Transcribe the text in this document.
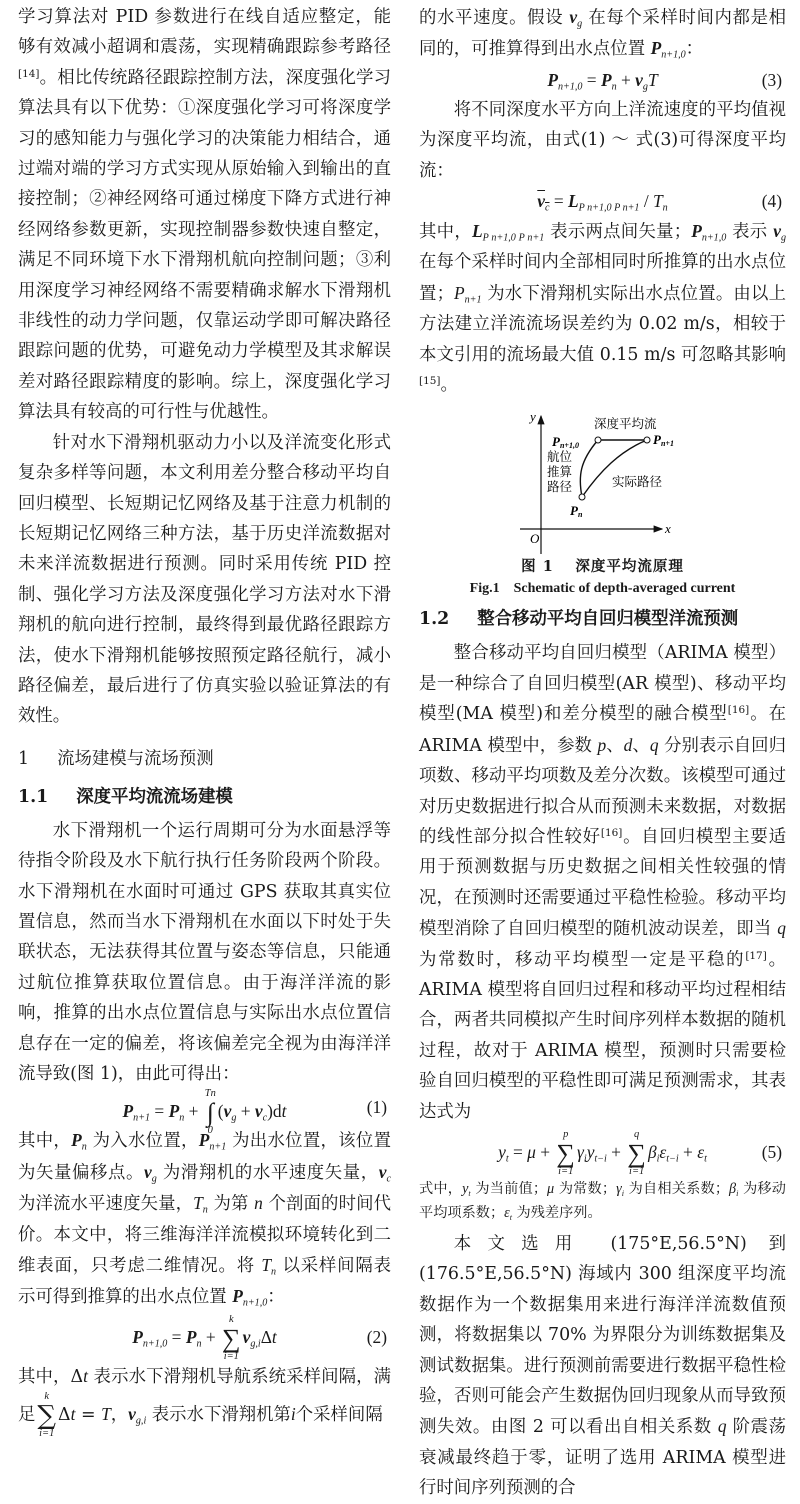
学习算法对 PID 参数进行在线自适应整定，能够有效减小超调和震荡，实现精确跟踪参考路径[14]。相比传统路径跟踪控制方法，深度强化学习算法具有以下优势：①深度强化学习可将深度学习的感知能力与强化学习的决策能力相结合，通过端对端的学习方式实现从原始输入到输出的直接控制；②神经网络可通过梯度下降方式进行神经网络参数更新，实现控制器参数快速自整定，满足不同环境下水下滑翔机航向控制问题；③利用深度学习神经网络不需要精确求解水下滑翔机非线性的动力学问题，仅靠运动学即可解决路径跟踪问题的优势，可避免动力学模型及其求解误差对路径跟踪精度的影响。综上，深度强化学习算法具有较高的可行性与优越性。

针对水下滑翔机驱动力小以及洋流变化形式复杂多样等问题，本文利用差分整合移动平均自回归模型、长短期记忆网络及基于注意力机制的长短期记忆网络三种方法，基于历史洋流数据对未来洋流数据进行预测。同时采用传统 PID 控制、强化学习方法及深度强化学习方法对水下滑翔机的航向进行控制，最终得到最优路径跟踪方法，使水下滑翔机能够按照预定路径航行，减小路径偏差，最后进行了仿真实验以验证算法的有效性。

1 流场建模与流场预测
1.1 深度平均流流场建模

水下滑翔机一个运行周期可分为水面悬浮等待指令阶段及水下航行执行任务阶段两个阶段。水下滑翔机在水面时可通过 GPS 获取其真实位置信息，然而当水下滑翔机在水面以下时处于失联状态，无法获得其位置与姿态等信息，只能通过航位推算获取位置信息。由于海洋洋流的影响，推算的出水点位置信息与实际出水点位置信息存在一定的偏差，将该偏差完全视为由海洋洋流导致(图 1)，由此可得出：

$P_{n+1} = P_n$ +
Tn
∫
0
$(v_g + v_c)dt$	(1)

其中，$P_n$ 为入水位置，$P_{n+1}$ 为出水位置，该位置为矢量偏移点。$v_g$ 为滑翔机的水平速度矢量，$v_c$ 为洋流水平速度矢量，$T_n$ 为第 n 个剖面的时间代价。本文中，将三维海洋洋流模拟环境转化到二维表面，只考虑二维情况。将 $T_n$ 以采样间隔表示可得到推算的出水点位置 $P_{n+1,0}$：

$P_{n+1,0} = P_n$ +
k
∑
i=1
$v_{g,i}\Delta t$	(2)

其中，Δt 表示水下滑翔机导航系统采样间隔，满足
k
∑
i=1
Δt = T，$v_{g,i}$ 表示水下滑翔机第i个采样间隔

的水平速度。假设 $v_g$ 在每个采样时间内都是相同的，可推算得到出水点位置 $P_{n+1,0}$：

$P_{n+1,0} = P_n + v_gT$	(3)

将不同深度水平方向上洋流速度的平均值视为深度平均流，由式(1) ～ 式(3)可得深度平均流：

$v_c = L_{P n+1,0 P n+1} / T_n$	(4)

其中，$L_{P n+1,0 P n+1}$ 表示两点间矢量；$P_{n+1,0}$ 表示 $v_g$ 在每个采样时间内全部相同时所推算的出水点位置；$P_{n+1}$ 为水下滑翔机实际出水点位置。由以上方法建立洋流流场误差约为 0.02 m/s，相较于本文引用的流场最大值 0.15 m/s 可忽略其影响[15]。

y
x
O
Pn+1,0	Pn+1
Pn
深度平均流
航位
推算
路径	实际路径
图 1　 深度平均流原理
Fig.1　Schematic of depth-averaged current
1.2 整合移动平均自回归模型洋流预测

整合移动平均自回归模型（ARIMA 模型）是一种综合了自回归模型(AR 模型)、移动平均模型(MA 模型)和差分模型的融合模型[16]。在 ARIMA 模型中，参数 p、d、q 分别表示自回归项数、移动平均项数及差分次数。该模型可通过对历史数据进行拟合从而预测未来数据，对数据的线性部分拟合性较好[16]。自回归模型主要适用于预测数据与历史数据之间相关性较强的情况，在预测时还需要通过平稳性检验。移动平均模型消除了自回归模型的随机波动误差，即当 q 为常数时，移动平均模型一定是平稳的[17]。ARIMA 模型将自回归过程和移动平均过程相结合，两者共同模拟产生时间序列样本数据的随机过程，故对于 ARIMA 模型，预测时只需要检验自回归模型的平稳性即可满足预测需求，其表达式为

$y_t = \mu$ +
p
∑
i=1
$\gamma_iy_{t-i}$ +
q
∑
i=1
$\beta_i\varepsilon_{t-i} + \varepsilon_t$	(5)

式中，$y_t$ 为当前值；μ 为常数；$\gamma_i$ 为自相关系数；$\beta_i$ 为移动平均项系数；$\varepsilon_t$ 为残差序列。

本文选用 (175°E,56.5°N) 到 (176.5°E,56.5°N) 海域内 300 组深度平均流数据作为一个数据集用来进行海洋洋流数值预测，将数据集以 70% 为界限分为训练数据集及测试数据集。进行预测前需要进行数据平稳性检验，否则可能会产生数据伪回归现象从而导致预测失效。由图 2 可以看出自相关系数 q 阶震荡衰减最终趋于零，证明了选用 ARIMA 模型进行时间序列预测的合
